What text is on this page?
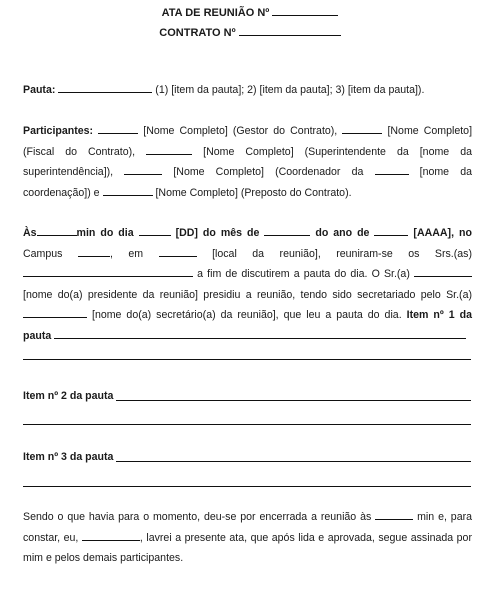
ATA DE REUNIÃO Nº
CONTRATO Nº
Pauta:	(1) [item da pauta]; 2) [item da pauta]; 3) [item da pauta]).
Participantes:	[Nome Completo] (Gestor do Contrato),	[Nome Completo] (Fiscal do Contrato),	[Nome Completo] (Superintendente da [nome da superintendência]),	[Nome Completo] (Coordenador da	[nome da coordenação]) e	[Nome Completo] (Preposto do Contrato).
Às	min do dia	[DD] do mês de	do ano de	[AAAA], no Campus	, em	[local da reunião], reuniram-se os Srs.(as)  a fim de discutirem a pauta do dia. O Sr.(a)  [nome do(a) presidente da reunião] presidiu a reunião, tendo sido secretariado pelo Sr.(a)  [nome do(a) secretário(a) da reunião], que leu a pauta do dia. Item nº 1 da pauta
Item nº 2 da pauta
Item nº 3 da pauta
Sendo o que havia para o momento, deu-se por encerrada a reunião às	min e, para constar, eu,	, lavrei a presente ata, que após lida e aprovada, segue assinada por mim e pelos demais participantes.
